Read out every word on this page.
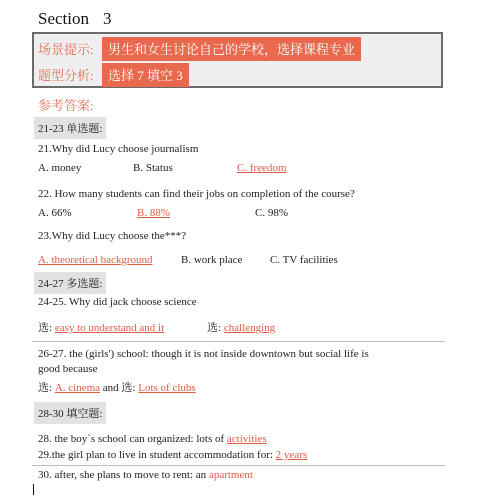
Section 3
场景提示:	男生和女生讨论自己的学校，选择课程专业
题型分析:	选择 7 填空 3
参考答案:
21-23 单选题:
21.Why did Lucy choose journalism
A. money	B. Status	C. freedom
22. How many students can find their jobs on completion of the course?
A. 66%	B. 88%	C. 98%
23.Why did Lucy choose the***?
A. theoretical background	B. work place	C. TV facilities
24-27 多选题:
24-25. Why did jack choose science
选: easy to understand and it	选: challenging
26-27. the (girls') school: though it is not inside downtown but social life is
good because
选: A. cinema and 选: Lots of clubs
28-30 填空题:
28. the boy`s school can organized: lots of activities
29.the girl plan to live in student accommodation for: 2 years
30. after, she plans to move to rent: an apartment
